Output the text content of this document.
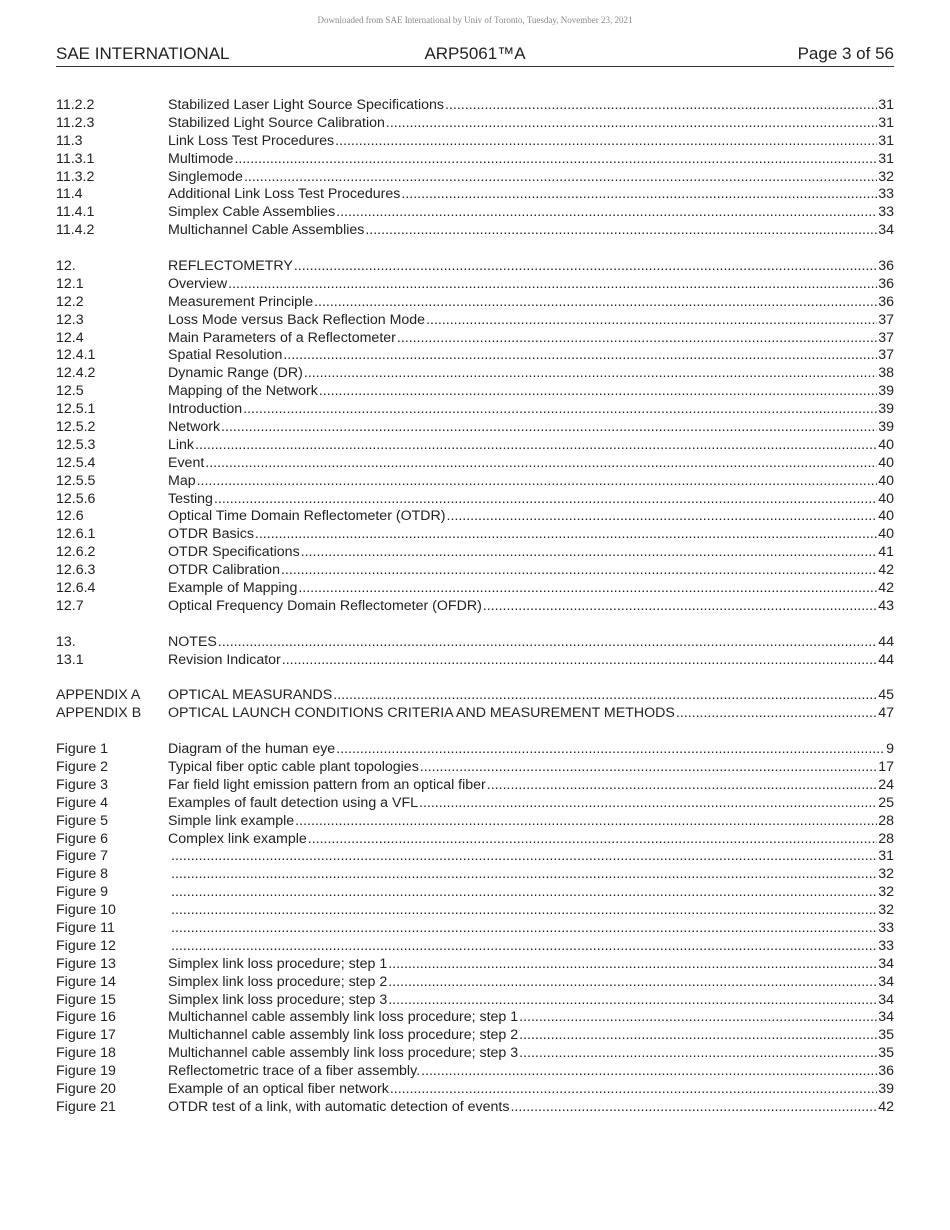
Downloaded from SAE International by Univ of Toronto, Tuesday, November 23, 2021
SAE INTERNATIONAL	ARP5061™A	Page 3 of 56
11.2.2	Stabilized Laser Light Source Specifications .....	31
11.2.3	Stabilized Light Source Calibration .....	31
11.3	Link Loss Test Procedures .....	31
11.3.1	Multimode .....	31
11.3.2	Singlemode .....	32
11.4	Additional Link Loss Test Procedures .....	33
11.4.1	Simplex Cable Assemblies .....	33
11.4.2	Multichannel Cable Assemblies .....	34
12.	REFLECTOMETRY .....	36
12.1	Overview .....	36
12.2	Measurement Principle .....	36
12.3	Loss Mode versus Back Reflection Mode .....	37
12.4	Main Parameters of a Reflectometer .....	37
12.4.1	Spatial Resolution .....	37
12.4.2	Dynamic Range (DR) .....	38
12.5	Mapping of the Network .....	39
12.5.1	Introduction .....	39
12.5.2	Network .....	39
12.5.3	Link .....	40
12.5.4	Event .....	40
12.5.5	Map .....	40
12.5.6	Testing .....	40
12.6	Optical Time Domain Reflectometer (OTDR) .....	40
12.6.1	OTDR Basics .....	40
12.6.2	OTDR Specifications .....	41
12.6.3	OTDR Calibration .....	42
12.6.4	Example of Mapping .....	42
12.7	Optical Frequency Domain Reflectometer (OFDR) .....	43
13.	NOTES .....	44
13.1	Revision Indicator .....	44
APPENDIX A OPTICAL MEASURANDS .....	45
APPENDIX B OPTICAL LAUNCH CONDITIONS CRITERIA AND MEASUREMENT METHODS .....	47
Figure 1	Diagram of the human eye .....	9
Figure 2	Typical fiber optic cable plant topologies .....	17
Figure 3	Far field light emission pattern from an optical fiber .....	24
Figure 4	Examples of fault detection using a VFL .....	25
Figure 5	Simple link example .....	28
Figure 6	Complex link example .....	28
Figure 7 .....	31
Figure 8 .....	32
Figure 9 .....	32
Figure 10 .....	32
Figure 11 .....	33
Figure 12 .....	33
Figure 13	Simplex link loss procedure; step 1 .....	34
Figure 14	Simplex link loss procedure; step 2 .....	34
Figure 15	Simplex link loss procedure; step 3 .....	34
Figure 16	Multichannel cable assembly link loss procedure; step 1 .....	34
Figure 17	Multichannel cable assembly link loss procedure; step 2 .....	35
Figure 18	Multichannel cable assembly link loss procedure; step 3 .....	35
Figure 19	Reflectometric trace of a fiber assembly. .....	36
Figure 20	Example of an optical fiber network .....	39
Figure 21	OTDR test of a link, with automatic detection of events .....	42
